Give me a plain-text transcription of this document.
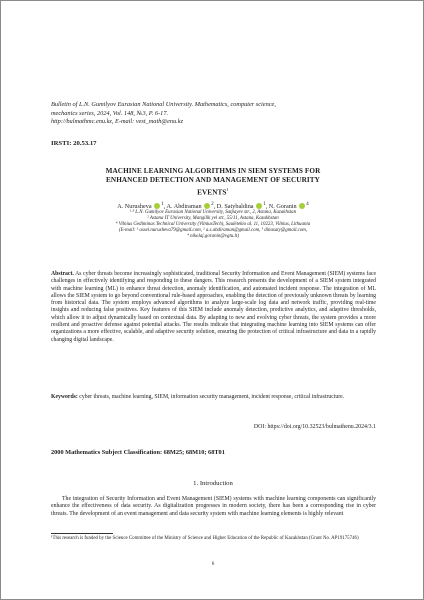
Bulletin of L.N. Gumilyov Eurasian National University. Mathematics, computer science,
mechanics series, 2024, Vol. 148, №3, P. 6-17.
http://bulmathmc.enu.kz, E-mail: vest_math@enu.kz
IRSTI: 20.53.17
MACHINE LEARNING ALGORITHMS IN SIEM SYSTEMS FOR
ENHANCED DETECTION AND MANAGEMENT OF SECURITY
EVENTS$^1$
A. Nurusheva $^1$, A. Abdiraman $^2$, D. Satybaldina $^1$, N. Goranin $^4$
¹·³ L.N. Gumilyov Eurasian National University, Satpayev str., 2, Astana, Kazakhstan
² Astana IT University, Mangilik yel str., 55/11, Astana, Kazakhstan
⁴ Vilnius Gediminas Technical University (VilniusTech), Saulėtekio al. 11, 10223, Vilnius, Lithuania
(E-mail: ¹ assel.nurusheva79@gmail.com, ² a.s.abdiraman@gmail.com, ³ dinasaty@gmail.com,
⁴ nikolaj.goranin@vgtu.lt)
Abstract. As cyber threats become increasingly sophisticated, traditional Security Information and Event Management (SIEM) systems face challenges in effectively identifying and responding to these dangers. This research presents the development of a SIEM system integrated with machine learning (ML) to enhance threat detection, anomaly identification, and automated incident response. The integration of ML allows the SIEM system to go beyond conventional rule-based approaches, enabling the detection of previously unknown threats by learning from historical data. The system employs advanced algorithms to analyze large-scale log data and network traffic, providing real-time insights and reducing false positives. Key features of this SIEM include anomaly detection, predictive analytics, and adaptive thresholds, which allow it to adjust dynamically based on contextual data. By adapting to new and evolving cyber threats, the system provides a more resilient and proactive defense against potential attacks. The results indicate that integrating machine learning into SIEM systems can offer organizations a more effective, scalable, and adaptive security solution, ensuring the protection of critical infrastructure and data in a rapidly changing digital landscape.
Keywords: cyber threats, machine learning, SIEM, information security management, incident response, critical infrastructure.
DOI: https://doi.org/10.32523/bulmathenu.2024/3.1
2000 Mathematics Subject Classification: 68M25; 68M10; 68T01
1. Introduction
The integration of Security Information and Event Management (SIEM) systems with machine learning components can significantly enhance the effectiveness of data security. As digitalization progresses in modern society, there has been a corresponding rise in cyber threats. The development of an event management and data security system with machine learning elements is highly relevant
¹This research is funded by the Science Committee of the Ministry of Science and Higher Education of the Republic of Kazakhstan (Grant No. AP19175746)
6
